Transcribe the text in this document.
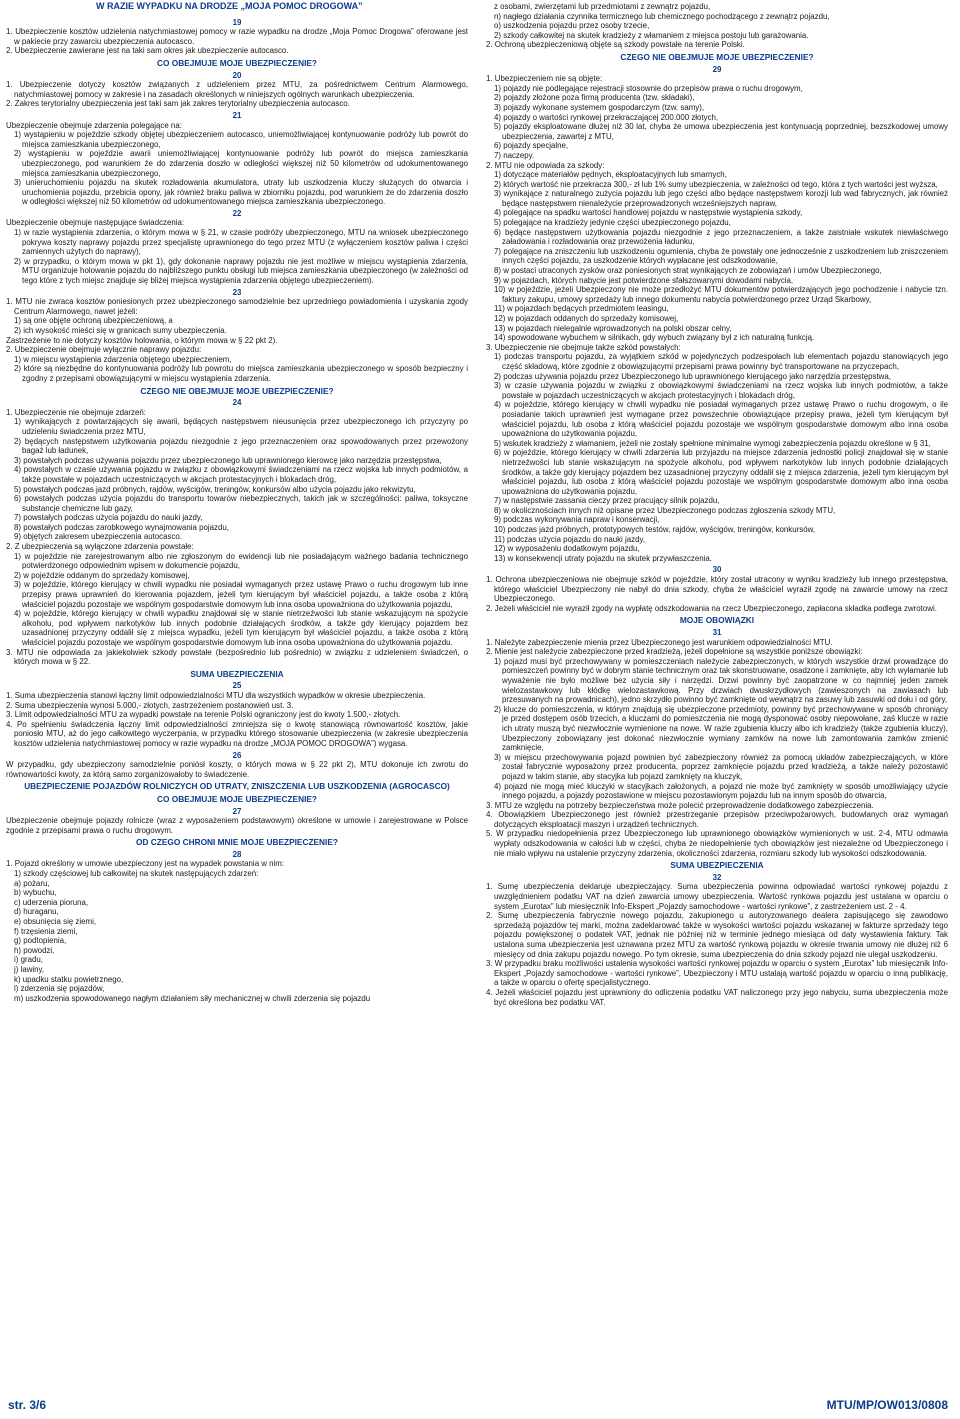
W RAZIE WYPADKU NA DRODZE „MOJA POMOC DROGOWA”
19
1. Ubezpieczenie kosztów udzielenia natychmiastowej pomocy w razie wypadku na drodze „Moja Pomoc Drogowa” oferowane jest w pakiecie przy zawarciu ubezpieczenia autocasco.
2. Ubezpieczenie zawierane jest na taki sam okres jak ubezpieczenie autocasco.
CO OBEJMUJE MOJE UBEZPIECZENIE?
20
1. Ubezpieczenie dotyczy kosztów związanych z udzieleniem przez MTU, za pośrednictwem Centrum Alarmowego, natychmiastowej pomocy w zakresie i na zasadach określonych w niniejszych ogólnych warunkach ubezpieczenia.
2. Zakres terytorialny ubezpieczenia jest taki sam jak zakres terytorialny ubezpieczenia autocasco.
21
Ubezpieczenie obejmuje zdarzenia polegające na:
1) wystąpieniu w pojeździe szkody objętej ubezpieczeniem autocasco, uniemożliwiającej kontynuowanie podróży lub powrót do miejsca zamieszkania ubezpieczonego,
2) wystąpieniu w pojeździe awarii uniemożliwiającej kontynuowanie podróży lub powrót do miejsca zamieszkania ubezpieczonego, pod warunkiem że do zdarzenia doszło w odległości większej niż 50 kilometrów od udokumentowanego miejsca zamieszkania ubezpieczonego,
3) unieruchomieniu pojazdu na skutek rozładowania akumulatora, utraty lub uszkodzenia kluczy służących do otwarcia i uruchomienia pojazdu, przebicia opony, jak również braku paliwa w zbiorniku pojazdu, pod warunkiem że do zdarzenia doszło w odległości większej niż 50 kilometrów od udokumentowanego miejsca zamieszkania ubezpieczonego.
22
Ubezpieczenie obejmuje następujące świadczenia:
1) w razie wystąpienia zdarzenia, o którym mowa w § 21, w czasie podróży ubezpieczonego, MTU na wniosek ubezpieczonego pokrywa koszty naprawy pojazdu przez specjalistę uprawnionego do tego przez MTU (z wyłączeniem kosztów paliwa i części zamiennych użytych do naprawy),
2) w przypadku, o którym mowa w pkt 1), gdy dokonanie naprawy pojazdu nie jest możliwe w miejscu wystąpienia zdarzenia, MTU organizuje holowanie pojazdu do najbliższego punktu obsługi lub miejsca zamieszkania ubezpieczonego (w zależności od tego które z tych miejsc znajduje się bliżej miejsca wystąpienia zdarzenia objętego ubezpieczeniem).
23
1. MTU nie zwraca kosztów poniesionych przez ubezpieczonego samodzielnie bez uprzedniego powiadomienia i uzyskania zgody Centrum Alarmowego, nawet jeżeli:
1) są one objęte ochroną ubezpieczeniową, a
2) ich wysokość mieści się w granicach sumy ubezpieczenia.
Zastrzeżenie to nie dotyczy kosztów holowania, o którym mowa w § 22 pkt 2).
2. Ubezpieczenie obejmuje wyłącznie naprawy pojazdu:
1) w miejscu wystąpienia zdarzenia objętego ubezpieczeniem,
2) które są niezbędne do kontynuowania podróży lub powrotu do miejsca zamieszkania ubezpieczonego w sposób bezpieczny i zgodny z przepisami obowiązującymi w miejscu wystąpienia zdarzenia.
CZEGO NIE OBEJMUJE MOJE UBEZPIECZENIE?
24
1. Ubezpieczenie nie obejmuje zdarzeń:
1) wynikających z powtarzających się awarii, będących następstwem nieusunięcia przez ubezpieczonego ich przyczyny po udzieleniu świadczenia przez MTU,
2) będących następstwem użytkowania pojazdu niezgodnie z jego przeznaczeniem oraz spowodowanych przez przewożony bagaż lub ładunek,
3) powstałych podczas używania pojazdu przez ubezpieczonego lub uprawnionego kierowcę jako narzędzia przestępstwa,
4) powstałych w czasie używania pojazdu w związku z obowiązkowymi świadczeniami na rzecz wojska lub innych podmiotów, a także powstałe w pojazdach uczestniczących w akcjach protestacyjnych i blokadach dróg,
5) powstałych podczas jazd próbnych, rajdów, wyścigów, treningów, konkursów albo użycia pojazdu jako rekwizytu,
6) powstałych podczas użycia pojazdu do transportu towarów niebezpiecznych, takich jak w szczególności: paliwa, toksyczne substancje chemiczne lub gazy,
7) powstałych podczas użycia pojazdu do nauki jazdy,
8) powstałych podczas zarobkowego wynajmowania pojazdu,
9) objętych zakresem ubezpieczenia autocasco.
2. Z ubezpieczenia są wyłączone zdarzenia powstałe:
1) w pojeździe nie zarejestrowanym albo nie zgłoszonym do ewidencji lub nie posiadającym ważnego badania technicznego potwierdzonego odpowiednim wpisem w dokumencie pojazdu,
2) w pojeździe oddanym do sprzedaży komisowej,
3) w pojeździe, którego kierujący w chwili wypadku nie posiadał wymaganych przez ustawę Prawo o ruchu drogowym lub inne przepisy prawa uprawnień do kierowania pojazdem, jeżeli tym kierującym był właściciel pojazdu, a także osoba z którą właściciel pojazdu pozostaje we wspólnym gospodarstwie domowym lub inna osoba upoważniona do użytkowania pojazdu,
4) w pojeździe, którego kierujący w chwili wypadku znajdował się w stanie nietrzeźwości lub stanie wskazującym na spożycie alkoholu, pod wpływem narkotyków lub innych podobnie działających środków, a także gdy kierujący pojazdem bez uzasadnionej przyczyny oddalił się z miejsca wypadku, jeżeli tym kierującym był właściciel pojazdu, a także osoba z którą właściciel pojazdu pozostaje we wspólnym gospodarstwie domowym lub inna osoba upoważniona do użytkowania pojazdu.
3. MTU nie odpowiada za jakiekolwiek szkody powstałe (bezpośrednio lub pośrednio) w związku z udzieleniem świadczeń, o których mowa w § 22.
SUMA UBEZPIECZENIA
25
1. Suma ubezpieczenia stanowi łączny limit odpowiedzialności MTU dla wszystkich wypadków w okresie ubezpieczenia.
2. Suma ubezpieczenia wynosi 5.000,- złotych, zastrzeżeniem postanowień ust. 3.
3. Limit odpowiedzialności MTU za wypadki powstałe na terenie Polski ograniczony jest do kwoty 1.500,- złotych.
4. Po spełnieniu świadczenia łączny limit odpowiedzialności zmniejsza się o kwotę stanowiącą równowartość kosztów, jakie poniosło MTU, aż do jego całkowitego wyczerpania, w przypadku którego stosowanie ubezpieczenia (w zakresie ubezpieczenia kosztów udzielenia natychmiastowej pomocy w razie wypadku na drodze „MOJA POMOC DROGOWA”) wygasa.
26
W przypadku, gdy ubezpieczony samodzielnie poniósł koszty, o których mowa w § 22 pkt 2), MTU dokonuje ich zwrotu do równowartości kwoty, za którą samo zorganizowałoby to świadczenie.
UBEZPIECZENIE POJAZDÓW ROLNICZYCH OD UTRATY, ZNISZCZENIA LUB USZKODZENIA (AGROCASCO)
CO OBEJMUJE MOJE UBEZPIECZENIE?
27
Ubezpieczenie obejmuje pojazdy rolnicze (wraz z wyposażeniem podstawowym) określone w umowie i zarejestrowane w Polsce zgodnie z przepisami prawa o ruchu drogowym.
OD CZEGO CHRONI MNIE MOJE UBEZPIECZENIE?
28
1. Pojazd określony w umowie ubezpieczony jest na wypadek powstania w nim:
1) szkody częściowej lub całkowitej na skutek następujących zdarzeń:
a) pożaru,
b) wybuchu,
c) uderzenia pioruna,
d) huraganu,
e) obsunięcia się ziemi,
f) trzęsienia ziemi,
g) podtopienia,
h) powodzi,
i) gradu,
j) lawiny,
k) upadku statku powietrznego,
l) zderzenia się pojazdów,
m) uszkodzenia spowodowanego nagłym działaniem siły mechanicznej w chwili zderzenia się pojazdu
z osobami, zwierzętami lub przedmiotami z zewnątrz pojazdu,
n) nagłego działania czynnika termicznego lub chemicznego pochodzącego z zewnątrz pojazdu,
o) uszkodzenia pojazdu przez osoby trzecie,
2) szkody całkowitej na skutek kradzieży z włamaniem z miejsca postoju lub garażowania.
2. Ochroną ubezpieczeniową objęte są szkody powstałe na terenie Polski.
CZEGO NIE OBEJMUJE MOJE UBEZPIECZENIE?
29
1. Ubezpieczeniem nie są objęte:
1) pojazdy nie podlegające rejestracji stosownie do przepisów prawa o ruchu drogowym,
2) pojazdy złożone poza firmą producenta (tzw. składaki),
3) pojazdy wykonane systemem gospodarczym (tzw. samy),
4) pojazdy o wartości rynkowej przekraczającej 200.000 złotych,
5) pojazdy eksploatowane dłużej niż 30 lat, chyba że umowa ubezpieczenia jest kontynuacją poprzedniej, bezszkodowej umowy ubezpieczenia, zawartej z MTU,
6) pojazdy specjalne,
7) naczepy.
2. MTU nie odpowiada za szkody:
1) dotyczące materiałów pędnych, eksploatacyjnych lub smarnych,
2) których wartość nie przekracza 300,- zł lub 1% sumy ubezpieczenia, w zależności od tego, która z tych wartości jest wyższa,
3) wynikające z naturalnego zużycia pojazdu lub jego części albo będące następstwem korozji lub wad fabrycznych, jak również będące następstwem nienależycie przeprowadzonych wcześniejszych napraw,
4) polegające na spadku wartości handlowej pojazdu w następstwie wystąpienia szkody,
5) polegające na kradzieży jedynie części ubezpieczonego pojazdu,
6) będące następstwem użytkowania pojazdu niezgodnie z jego przeznaczeniem, a także zaistniałe wskutek niewłaściwego załadowania i rozładowania oraz przewożenia ładunku,
7) polegające na zniszczeniu lub uszkodzeniu ogumienia, chyba że powstały one jednocześnie z uszkodzeniem lub zniszczeniem innych części pojazdu, za uszkodzenie których wypłacane jest odszkodowanie,
8) w postaci utraconych zysków oraz poniesionych strat wynikających ze zobowiązań i umów Ubezpieczonego,
9) w pojazdach, których nabycie jest potwierdzone sfałszowanymi dowodami nabycia,
10) w pojeździe, jeżeli Ubezpieczony nie może przedłożyć MTU dokumentów potwierdzających jego pochodzenie i nabycie tzn. faktury zakupu, umowy sprzedaży lub innego dokumentu nabycia potwierdzonego przez Urząd Skarbowy,
11) w pojazdach będących przedmiotem leasingu,
12) w pojazdach oddanych do sprzedaży komisowej,
13) w pojazdach nielegalnie wprowadzonych na polski obszar celny,
14) spowodowane wybuchem w silnikach, gdy wybuch związany był z ich naturalną funkcją.
3. Ubezpieczenie nie obejmuje także szkód powstałych:
1) podczas transportu pojazdu, za wyjątkiem szkód w pojedynczych podzespołach lub elementach pojazdu stanowiących jego część składową, które zgodnie z obowiązującymi przepisami prawa powinny być transportowane na przyczepach,
2) podczas używania pojazdu przez Ubezpieczonego lub uprawnionego kierującego jako narzędzia przestępstwa,
3) w czasie używania pojazdu w związku z obowiązkowymi świadczeniami na rzecz wojska lub innych podmiotów, a także powstałe w pojazdach uczestniczących w akcjach protestacyjnych i blokadach dróg,
4) w pojeździe, którego kierujący w chwili wypadku nie posiadał wymaganych przez ustawę Prawo o ruchu drogowym, o ile posiadanie takich uprawnień jest wymagane przez powszechnie obowiązujące przepisy prawa, jeżeli tym kierującym był właściciel pojazdu, lub osoba z którą właściciel pojazdu pozostaje we wspólnym gospodarstwie domowym albo inna osoba upoważniona do użytkowania pojazdu,
5) wskutek kradzieży z włamaniem, jeżeli nie zostały spełnione minimalne wymogi zabezpieczenia pojazdu określone w § 31,
6) w pojeździe, którego kierujący w chwili zdarzenia lub przyjazdu na miejsce zdarzenia jednostki policji znajdował się w stanie nietrzeźwości lub stanie wskazującym na spożycie alkoholu, pod wpływem narkotyków lub innych podobnie działających środków, a także gdy kierujący pojazdem bez uzasadnionej przyczyny oddalił się z miejsca zdarzenia, jeżeli tym kierującym był właściciel pojazdu, lub osoba z którą właściciel pojazdu pozostaje we wspólnym gospodarstwie domowym albo inna osoba upoważniona do użytkowania pojazdu,
7) w następstwie zassania cieczy przez pracujący silnik pojazdu,
8) w okolicznościach innych niż opisane przez Ubezpieczonego podczas zgłoszenia szkody MTU,
9) podczas wykonywania napraw i konserwacji,
10) podczas jazd próbnych, prototypowych testów, rajdów, wyścigów, treningów, konkursów,
11) podczas użycia pojazdu do nauki jazdy,
12) w wyposażeniu dodatkowym pojazdu,
13) w konsekwencji utraty pojazdu na skutek przywłaszczenia.
30
1. Ochrona ubezpieczeniowa nie obejmuje szkód w pojeździe, który został utracony w wyniku kradzieży lub innego przestępstwa, którego właściciel Ubezpieczony nie nabył do dnia szkody, chyba że właściciel wyraził zgodę na zawarcie umowy na rzecz Ubezpieczonego.
2. Jeżeli właściciel nie wyraził zgody na wypłatę odszkodowania na rzecz Ubezpieczonego, zapłacona składka podlega zwrotowi.
MOJE OBOWIĄZKI
31
1. Należyte zabezpieczenie mienia przez Ubezpieczonego jest warunkiem odpowiedzialności MTU.
2. Mienie jest należycie zabezpieczone przed kradzieżą, jeżeli dopełnione są wszystkie poniższe obowiązki:
1) pojazd musi być przechowywany w pomieszczeniach należycie zabezpieczonych, w których wszystkie drzwi prowadzące do pomieszczeń powinny być w dobrym stanie technicznym oraz tak skonstruowane, osadzone i zamknięte, aby ich wyłamanie lub wyważenie nie było możliwe bez użycia siły i narzędzi. Drzwi powinny być zaopatrzone w co najmniej jeden zamek wielozastawkowy lub kłódkę wielozastawkową. Przy drzwiach dwuskrzydłowych (zawieszonych na zawiasach lub przesuwanych na prowadnicach), jedno skrzydło powinno być zamknięte od wewnątrz na zasuwy lub zasuwki od dołu i od góry,
2) klucze do pomieszczenia, w którym znajdują się ubezpieczone przedmioty, powinny być przechowywane w sposób chroniący je przed dostępem osób trzecich, a kluczami do pomieszczenia nie mogą dysponować osoby niepowołane, zaś klucze w razie ich utraty muszą być niezwłocznie wymienione na nowe. W razie zgubienia kluczy albo ich kradzieży (także zgubienia kluczy), Ubezpieczony zobowiązany jest dokonać niezwłocznie wymiany zamków na nowe lub zamontowania zamków zmienić zamknięcie,
3) w miejscu przechowywania pojazd powinien być zabezpieczony również za pomocą układów zabezpieczających, w które został fabrycznie wyposażony przez producenta, poprzez zamknięcie pojazdu przed kradzieżą, a także należy pozostawić pojazd w takim stanie, aby stacyjka lub pojazd zamknięty na kluczyk,
4) pojazd nie mogą mieć kluczyki w stacyjkach założonych, a pojazd nie może być zamknięty w sposób umożliwiający użycie innego pojazdu, a pojazdy pozostawione w miejscu pozostawionym pojazdu lub na innym sposób do otwarcia,
3. MTU ze względu na potrzeby bezpieczeństwa może polecić przeprowadzenie dodatkowego zabezpieczenia.
4. Obowiązkiem Ubezpieczonego jest również przestrzeganie przepisów przeciwpożarowych, budowlanych oraz wymagań dotyczących eksploatacji maszyn i urządzeń technicznych.
5. W przypadku niedopełnienia przez Ubezpieczonego lub uprawnionego obowiązków wymienionych w ust. 2-4, MTU odmawia wypłaty odszkodowania w całości lub w części, chyba że niedopełnienie tych obowiązków jest niezależne od Ubezpieczonego i nie miało wpływu na ustalenie przyczyny zdarzenia, okoliczności zdarzenia, rozmiaru szkody lub wysokości odszkodowania.
SUMA UBEZPIECZENIA
32
1. Sumę ubezpieczenia deklaruje ubezpieczający. Suma ubezpieczenia powinna odpowiadać wartości rynkowej pojazdu z uwzględnieniem podatku VAT na dzień zawarcia umowy ubezpieczenia. Wartość rynkowa pojazdu jest ustalana w oparciu o system „Eurotax” lub miesięcznik Info-Ekspert „Pojazdy samochodowe - wartości rynkowe”, z zastrzeżeniem ust. 2 - 4.
2. Sumę ubezpieczenia fabrycznie nowego pojazdu, zakupionego u autoryzowanego dealera zapisującego się zawodowo sprzedażą pojazdów tej marki, można zadeklarować także w wysokości wartości pojazdu wskazanej w fakturze sprzedaży tego pojazdu powiększonej o podatek VAT, jednak nie później niż w terminie jednego miesiąca od daty wystawienia faktury. Tak ustalona suma ubezpieczenia jest uznawana przez MTU za wartość rynkową pojazdu w okresie trwania umowy nie dłużej niż 6 miesięcy od dnia zakupu pojazdu nowego. Po tym okresie, suma ubezpieczenia do dnia szkody pojazd nie ulegał uszkodzeniu.
3. W przypadku braku możliwości ustalenia wysokości wartości rynkowej pojazdu w oparciu o system „Eurotax” lub miesięcznik Info-Ekspert „Pojazdy samochodowe - wartości rynkowe”, Ubezpieczony i MTU ustalają wartość pojazdu w oparciu o inną publikację, a także w oparciu o ofertę specjalistycznego.
4. Jeżeli właściciel pojazdu jest uprawniony do odliczenia podatku VAT naliczonego przy jego nabyciu, suma ubezpieczenia może być określona bez podatku VAT.
str. 3/6	MTU/MP/OW013/0808
